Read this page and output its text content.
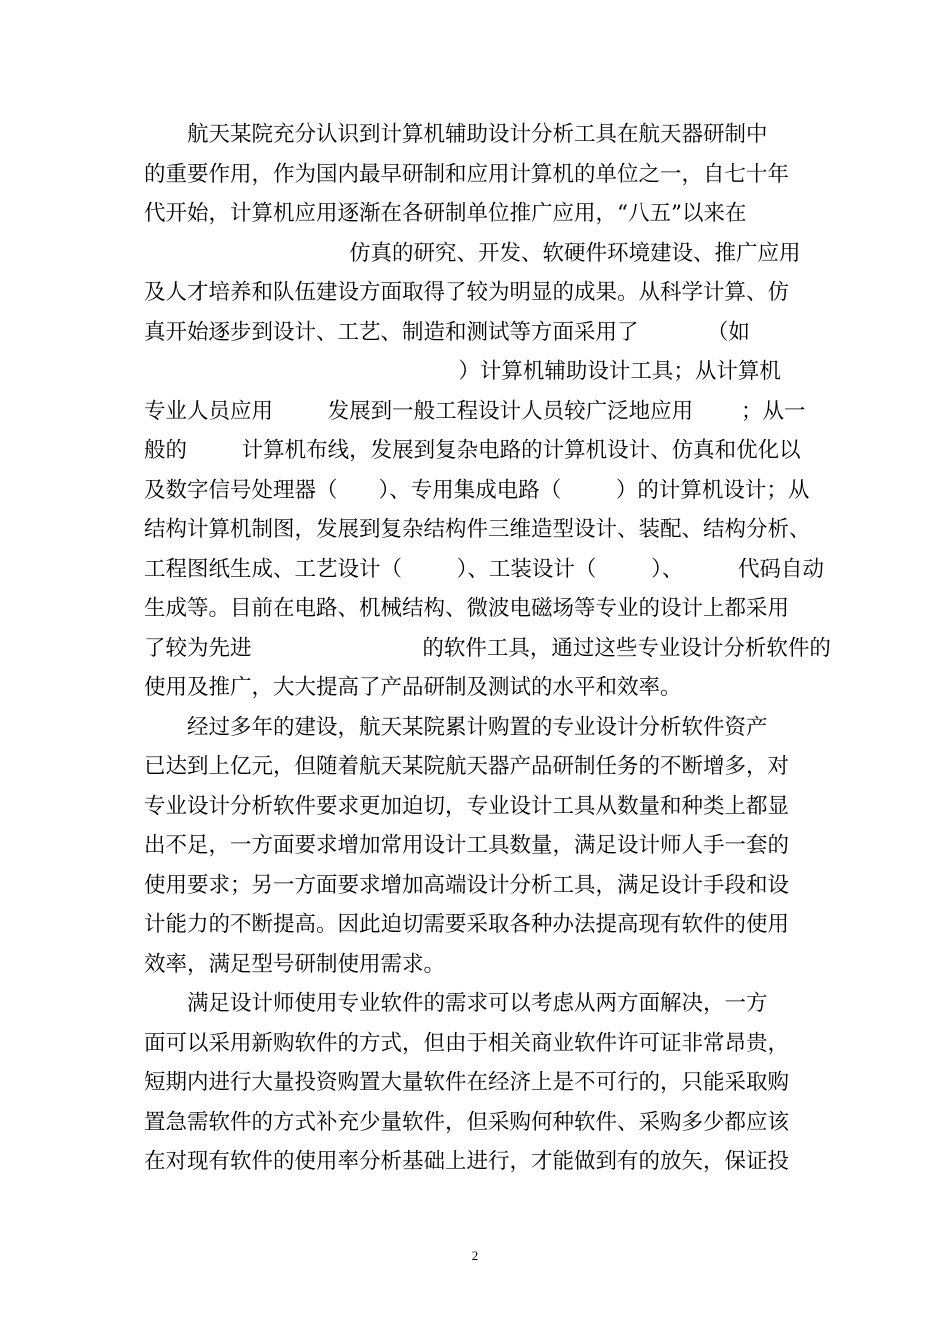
航天某院充分认识到计算机辅助设计分析工具在航天器研制中
的重要作用，作为国内最早研制和应用计算机的单位之一，自七十年
代开始，计算机应用逐渐在各研制单位推广应用，“八五”以来在
仿真的研究、开发、软硬件环境建设、推广应用
及人才培养和队伍建设方面取得了较为明显的成果。从科学计算、仿
真开始逐步到设计、工艺、制造和测试等方面采用了          （如
）计算机辅助设计工具；从计算机
专业人员应用        发展到一般工程设计人员较广泛地应用       ；从一
般的        计算机布线，发展到复杂电路的计算机设计、仿真和优化以
及数字信号处理器（      ）、专用集成电路（        ）的计算机设计；从
结构计算机制图，发展到复杂结构件三维造型设计、装配、结构分析、
工程图纸生成、工艺设计（        ）、工装设计（        ）、        代码自动
生成等。目前在电路、机械结构、微波电磁场等专业的设计上都采用
了较为先进                         的软件工具，通过这些专业设计分析软件的
使用及推广，大大提高了产品研制及测试的水平和效率。
经过多年的建设，航天某院累计购置的专业设计分析软件资产
已达到上亿元，但随着航天某院航天器产品研制任务的不断增多，对
专业设计分析软件要求更加迫切，专业设计工具从数量和种类上都显
出不足，一方面要求增加常用设计工具数量，满足设计师人手一套的
使用要求；另一方面要求增加高端设计分析工具，满足设计手段和设
计能力的不断提高。因此迫切需要采取各种办法提高现有软件的使用
效率，满足型号研制使用需求。
满足设计师使用专业软件的需求可以考虑从两方面解决，一方
面可以采用新购软件的方式，但由于相关商业软件许可证非常昂贵，
短期内进行大量投资购置大量软件在经济上是不可行的，只能采取购
置急需软件的方式补充少量软件，但采购何种软件、采购多少都应该
在对现有软件的使用率分析基础上进行，才能做到有的放矢，保证投
2
